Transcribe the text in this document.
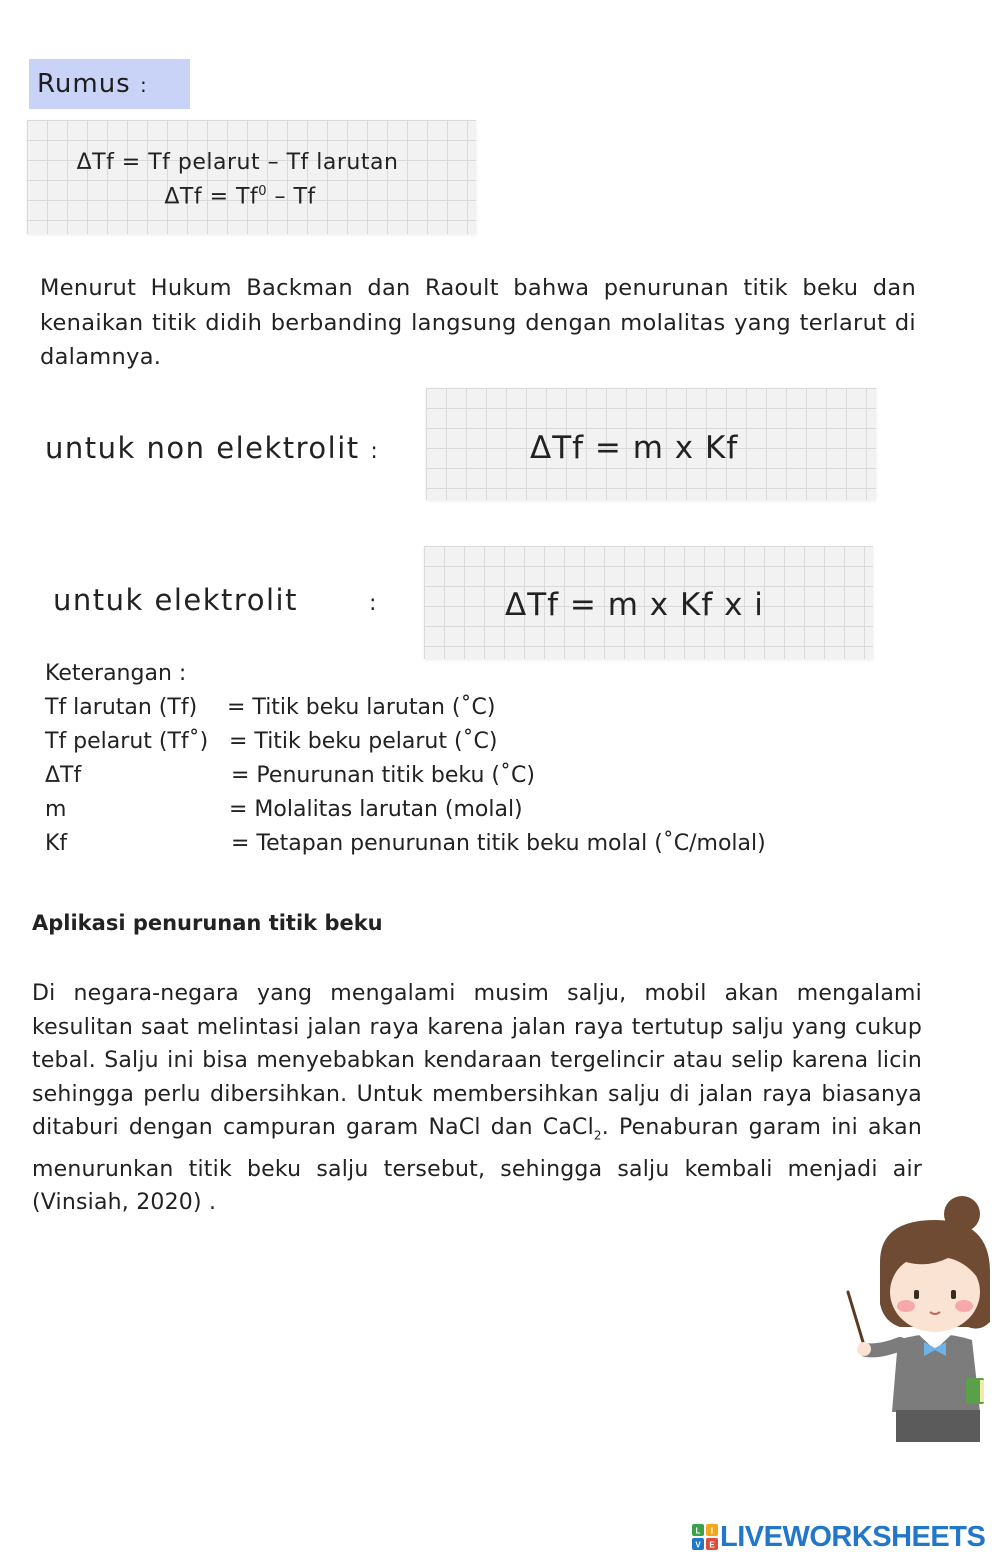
Rumus :
ΔTf = Tf pelarut – Tf larutan
$\Delta Tf = Tf^0 - Tf$
Menurut Hukum Backman dan Raoult bahwa penurunan titik beku dan kenaikan titik didih berbanding langsung dengan molalitas yang terlarut di dalamnya.
untuk non elektrolit :	ΔTf = m x Kf
untuk elektrolit	:	ΔTf = m x Kf x i
Keterangan :
Tf larutan (Tf) = Titik beku larutan (˚C)
Tf pelarut (Tf˚) = Titik beku pelarut (˚C)
ΔTf	= Penurunan titik beku (˚C)
m	= Molalitas larutan (molal)
Kf	= Tetapan penurunan titik beku molal (˚C/molal)
Aplikasi penurunan titik beku
Di negara-negara yang mengalami musim salju, mobil akan mengalami kesulitan saat melintasi jalan raya karena jalan raya tertutup salju yang cukup tebal. Salju ini bisa menyebabkan kendaraan tergelincir atau selip karena licin sehingga perlu dibersihkan. Untuk membersihkan salju di jalan raya biasanya ditaburi dengan campuran garam NaCl dan CaCl$_2$. Penaburan garam ini akan menurunkan titik beku salju tersebut, sehingga salju kembali menjadi air (Vinsiah, 2020) .
L I
V E LIVEWORKSHEETS
